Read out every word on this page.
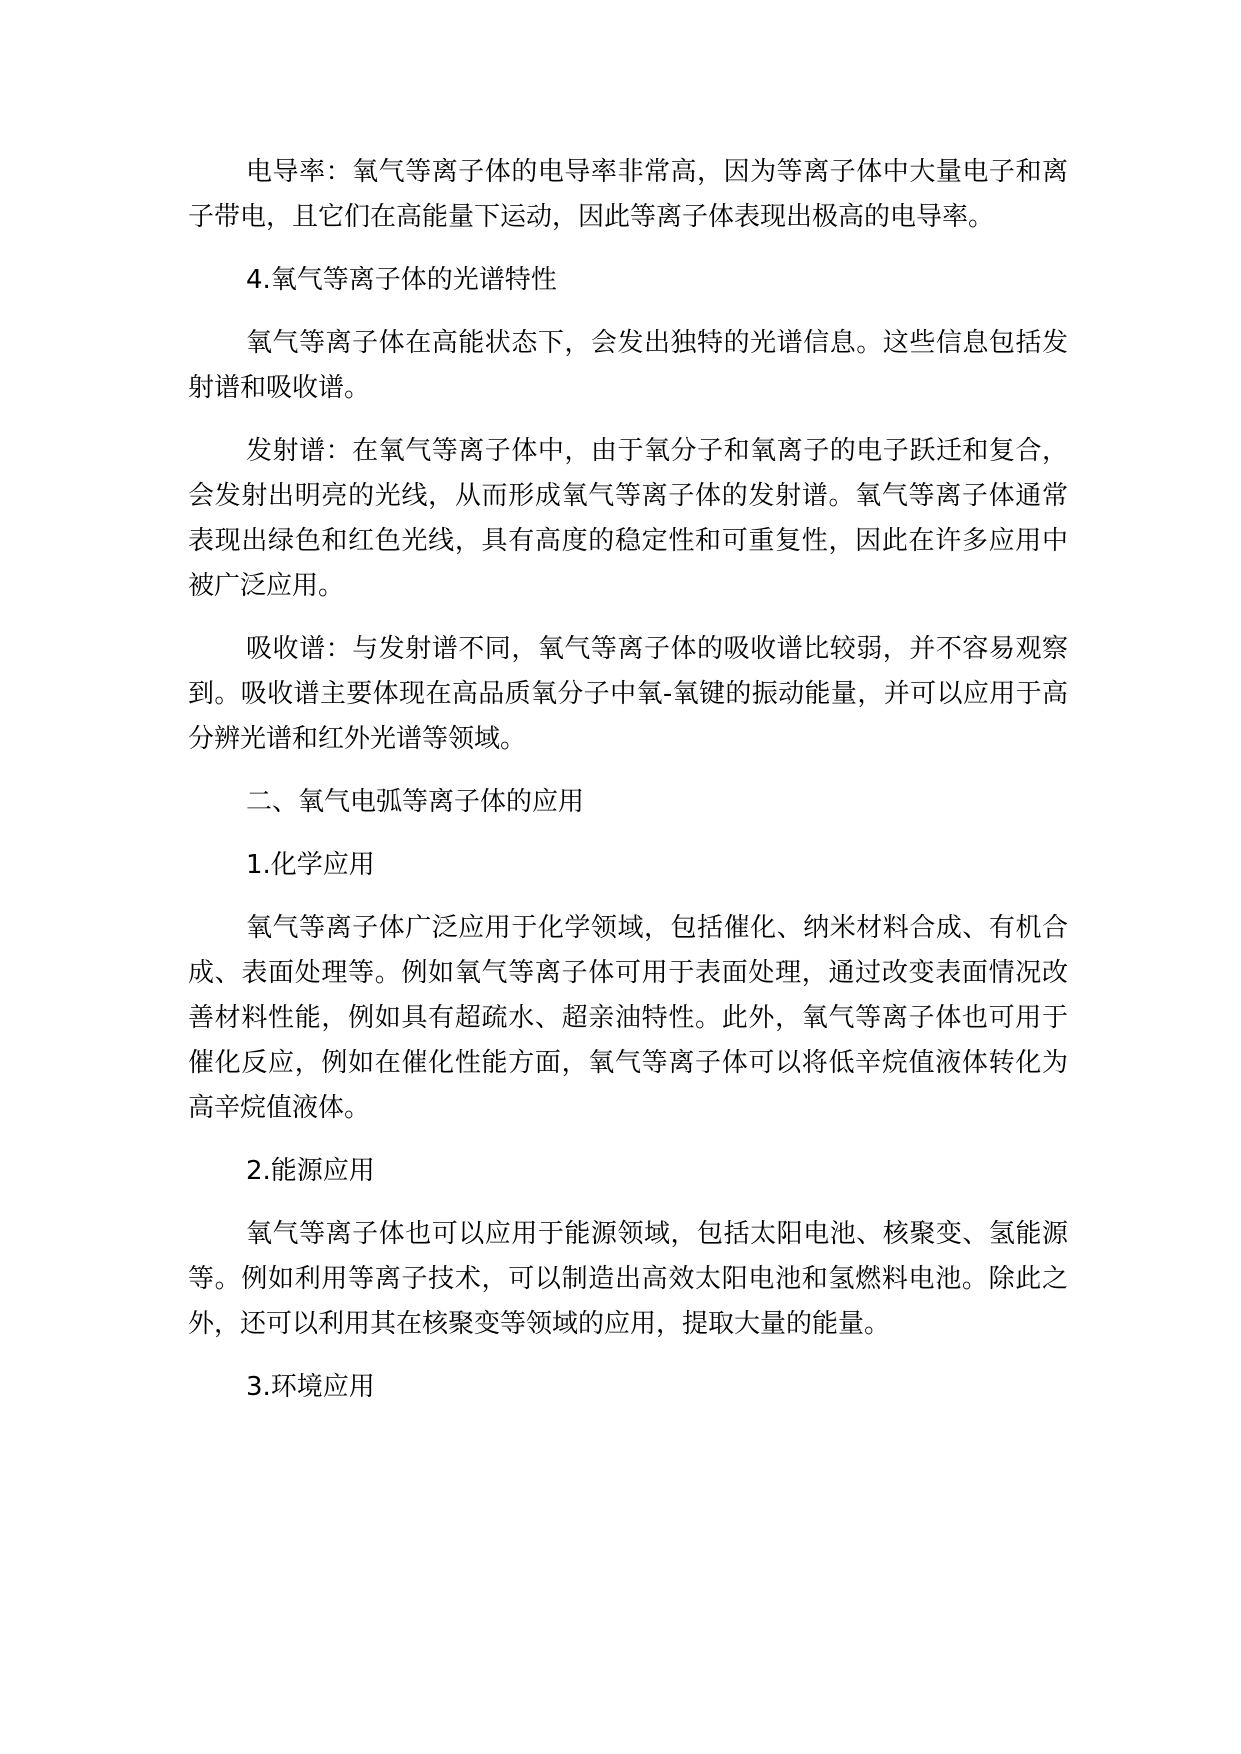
电导率：氧气等离子体的电导率非常高，因为等离子体中大量电子和离子带电，且它们在高能量下运动，因此等离子体表现出极高的电导率。

4.氧气等离子体的光谱特性

氧气等离子体在高能状态下，会发出独特的光谱信息。这些信息包括发射谱和吸收谱。

发射谱：在氧气等离子体中，由于氧分子和氧离子的电子跃迁和复合，会发射出明亮的光线，从而形成氧气等离子体的发射谱。氧气等离子体通常表现出绿色和红色光线，具有高度的稳定性和可重复性，因此在许多应用中被广泛应用。

吸收谱：与发射谱不同，氧气等离子体的吸收谱比较弱，并不容易观察到。吸收谱主要体现在高品质氧分子中氧-氧键的振动能量，并可以应用于高分辨光谱和红外光谱等领域。

二、氧气电弧等离子体的应用

1.化学应用

氧气等离子体广泛应用于化学领域，包括催化、纳米材料合成、有机合成、表面处理等。例如氧气等离子体可用于表面处理，通过改变表面情况改善材料性能，例如具有超疏水、超亲油特性。此外，氧气等离子体也可用于催化反应，例如在催化性能方面，氧气等离子体可以将低辛烷值液体转化为高辛烷值液体。

2.能源应用

氧气等离子体也可以应用于能源领域，包括太阳电池、核聚变、氢能源等。例如利用等离子技术，可以制造出高效太阳电池和氢燃料电池。除此之外，还可以利用其在核聚变等领域的应用，提取大量的能量。

3.环境应用
